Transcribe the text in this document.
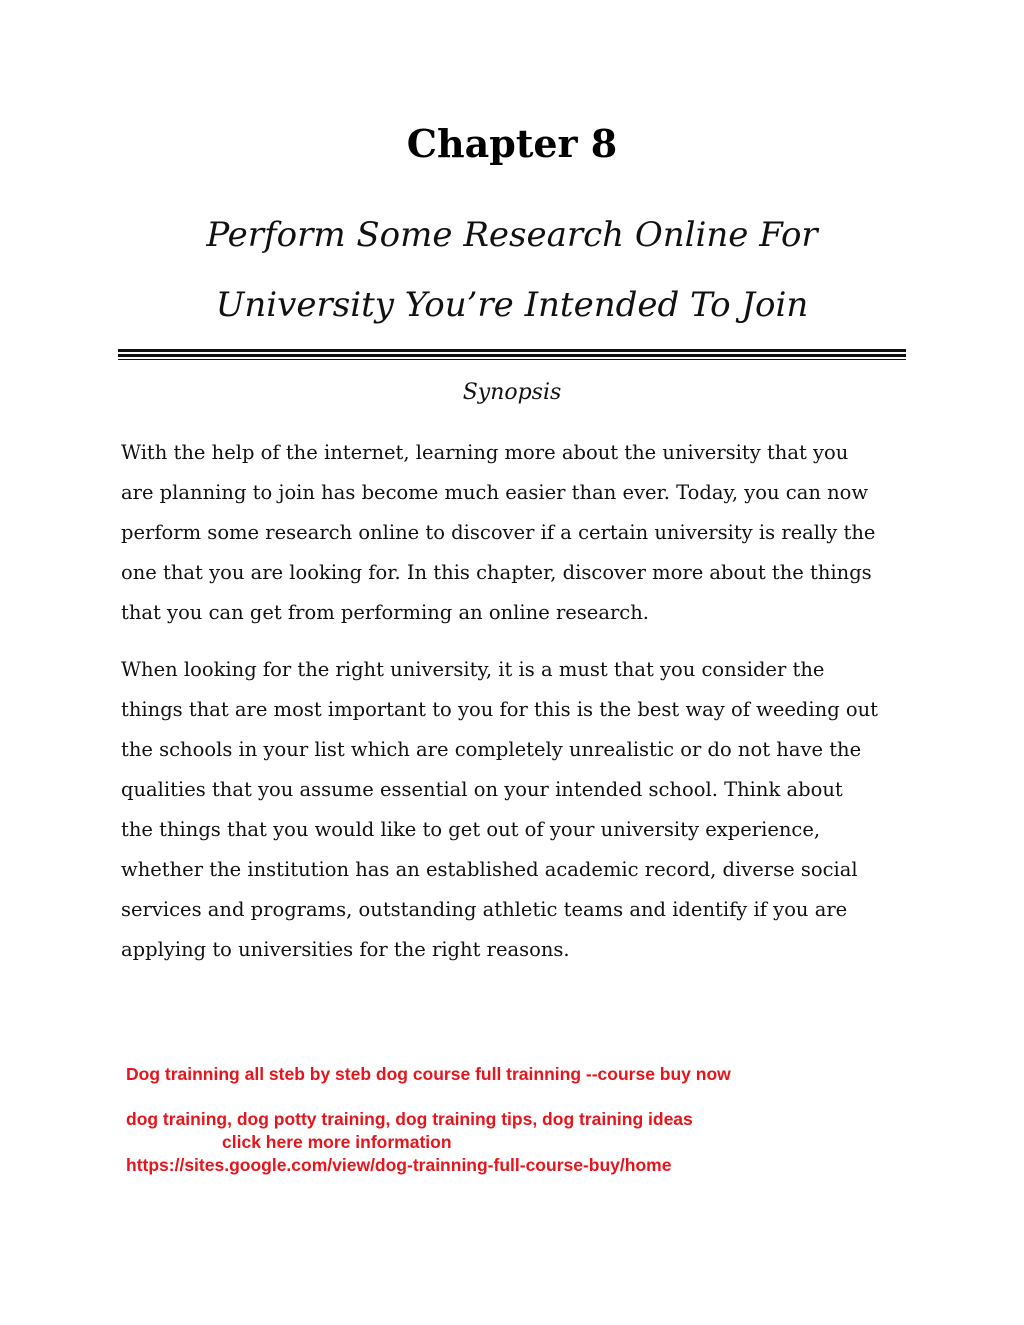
Chapter 8
Perform Some Research Online For
University You’re Intended To Join
Synopsis

With the help of the internet, learning more about the university that you
are planning to join has become much easier than ever. Today, you can now
perform some research online to discover if a certain university is really the
one that you are looking for. In this chapter, discover more about the things
that you can get from performing an online research.

When looking for the right university, it is a must that you consider the
things that are most important to you for this is the best way of weeding out
the schools in your list which are completely unrealistic or do not have the
qualities that you assume essential on your intended school. Think about
the things that you would like to get out of your university experience,
whether the institution has an established academic record, diverse social
services and programs, outstanding athletic teams and identify if you are
applying to universities for the right reasons.

Dog trainning all steb by steb dog course full trainning --course buy now
dog training, dog potty training, dog training tips, dog training ideas
click here more information
https://sites.google.com/view/dog-trainning-full-course-buy/home
